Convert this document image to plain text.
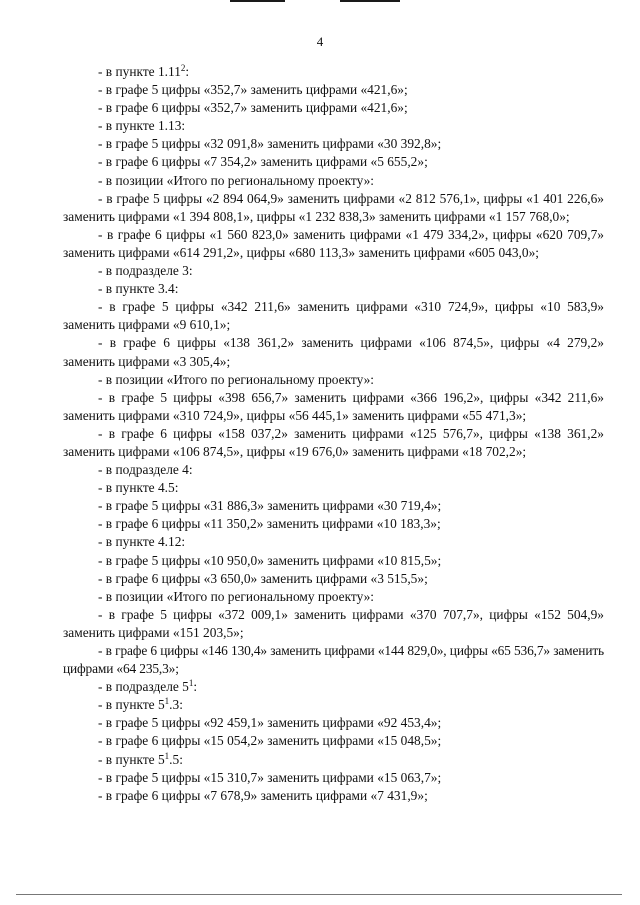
4

- в пункте 1.11$^2$:

- в графе 5 цифры «352,7» заменить цифрами «421,6»;

- в графе 6 цифры «352,7» заменить цифрами «421,6»;

- в пункте 1.13:

- в графе 5 цифры «32 091,8» заменить цифрами «30 392,8»;

- в графе 6 цифры «7 354,2» заменить цифрами «5 655,2»;

- в позиции «Итого по региональному проекту»:

- в графе 5 цифры «2 894 064,9» заменить цифрами «2 812 576,1», цифры «1 401 226,6» заменить цифрами «1 394 808,1», цифры «1 232 838,3» заменить цифрами «1 157 768,0»;

- в графе 6 цифры «1 560 823,0» заменить цифрами «1 479 334,2», цифры «620 709,7» заменить цифрами «614 291,2», цифры «680 113,3» заменить цифрами «605 043,0»;

- в подразделе 3:

- в пункте 3.4:

- в графе 5 цифры «342 211,6» заменить цифрами «310 724,9», цифры «10 583,9» заменить цифрами «9 610,1»;

- в графе 6 цифры «138 361,2» заменить цифрами «106 874,5», цифры «4 279,2» заменить цифрами «3 305,4»;

- в позиции «Итого по региональному проекту»:

- в графе 5 цифры «398 656,7» заменить цифрами «366 196,2», цифры «342 211,6» заменить цифрами «310 724,9», цифры «56 445,1» заменить цифрами «55 471,3»;

- в графе 6 цифры «158 037,2» заменить цифрами «125 576,7», цифры «138 361,2» заменить цифрами «106 874,5», цифры «19 676,0» заменить цифрами «18 702,2»;

- в подразделе 4:

- в пункте 4.5:

- в графе 5 цифры «31 886,3» заменить цифрами «30 719,4»;

- в графе 6 цифры «11 350,2» заменить цифрами «10 183,3»;

- в пункте 4.12:

- в графе 5 цифры «10 950,0» заменить цифрами «10 815,5»;

- в графе 6 цифры «3 650,0» заменить цифрами «3 515,5»;

- в позиции «Итого по региональному проекту»:

- в графе 5 цифры «372 009,1» заменить цифрами «370 707,7», цифры «152 504,9» заменить цифрами «151 203,5»;

- в графе 6 цифры «146 130,4» заменить цифрами «144 829,0», цифры «65 536,7» заменить цифрами «64 235,3»;

- в подразделе $5^1$:

- в пункте $5^1.3$:

- в графе 5 цифры «92 459,1» заменить цифрами «92 453,4»;

- в графе 6 цифры «15 054,2» заменить цифрами «15 048,5»;

- в пункте $5^1.5$:

- в графе 5 цифры «15 310,7» заменить цифрами «15 063,7»;

- в графе 6 цифры «7 678,9» заменить цифрами «7 431,9»;
